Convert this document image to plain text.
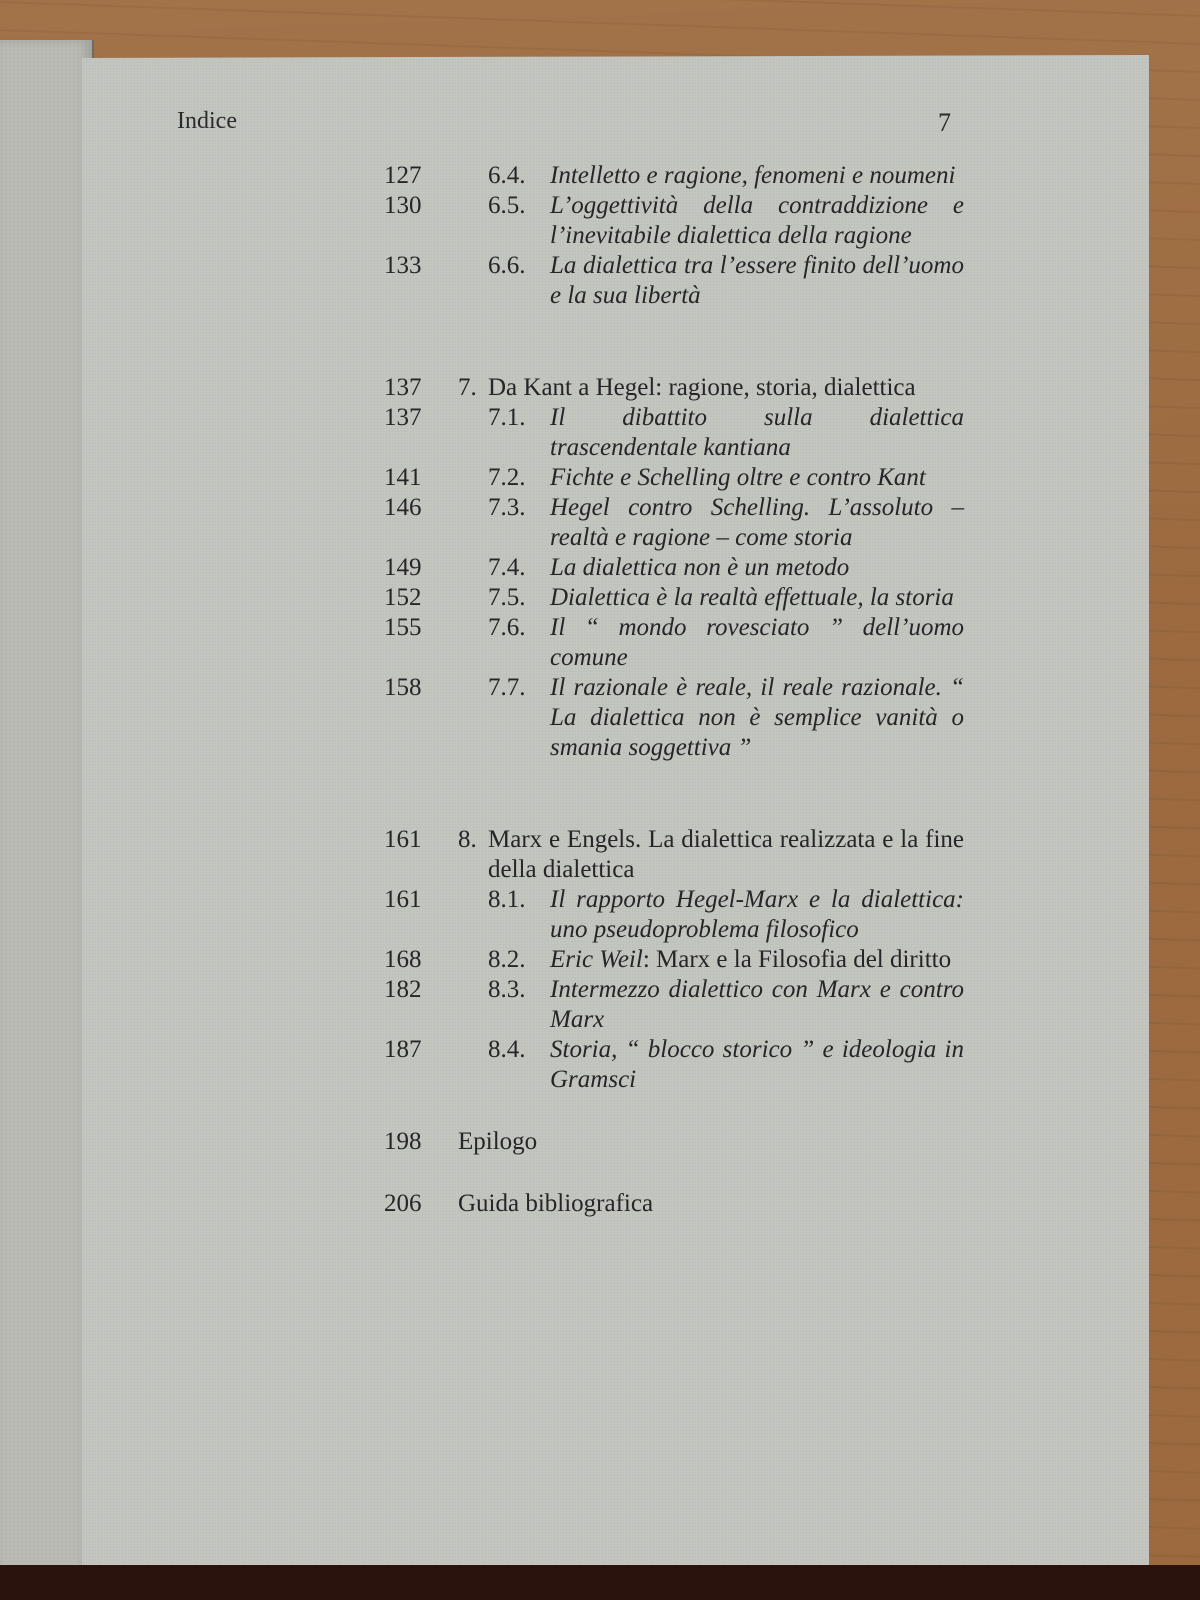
Indice	7
127	6.4. Intelletto e ragione, fenomeni e noumeni
130	6.5. L’oggettività della contraddizione e l’inevitabile dialettica della ragione
133	6.6. La dialettica tra l’essere finito dell’uomo e la sua libertà
137	7. Da Kant a Hegel: ragione, storia, dialettica
137	7.1. Il dibattito sulla dialettica trascendentale kantiana
141	7.2. Fichte e Schelling oltre e contro Kant
146	7.3. Hegel contro Schelling. L’assoluto – realtà e ragione – come storia
149	7.4. La dialettica non è un metodo
152	7.5. Dialettica è la realtà effettuale, la storia
155	7.6. Il “ mondo rovesciato ” dell’uomo comune
158	7.7. Il razionale è reale, il reale razionale. “ La dialettica non è semplice vanità o smania soggettiva ”
161	8. Marx e Engels. La dialettica realizzata e la fine della dialettica
161	8.1. Il rapporto Hegel-Marx e la dialettica: uno pseudoproblema filosofico
168	8.2. Eric Weil: Marx e la Filosofia del diritto
182	8.3. Intermezzo dialettico con Marx e contro Marx
187	8.4. Storia, “ blocco storico ” e ideologia in Gramsci
198	Epilogo
206	Guida bibliografica
